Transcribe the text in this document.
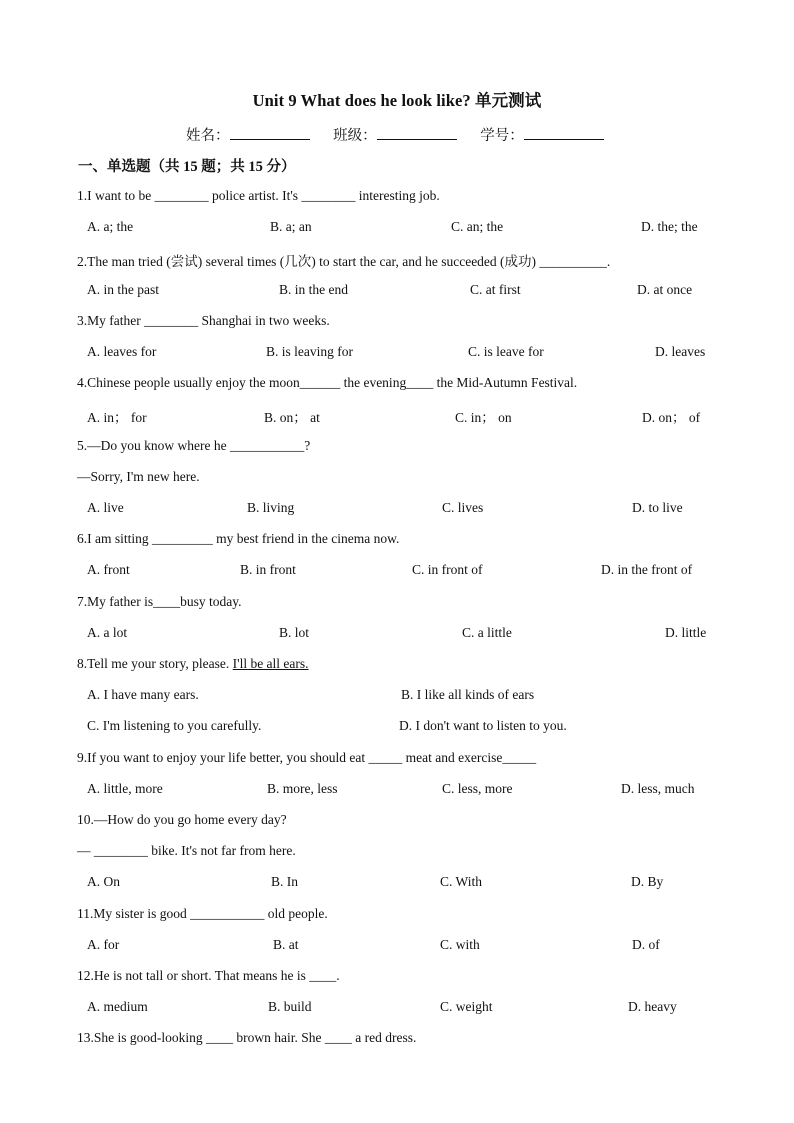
Unit 9 What does he look like? 单元测试
姓名：	班级：	学号：
一、单选题（共 15 题；共 15 分）
1.I want to be ________ police artist. It's ________ interesting job.
A. a; the	B. a; an	C. an; the	D. the; the
2.The man tried (尝试) several times (几次) to start the car, and he succeeded (成功) __________.
A. in the past	B. in the end	C. at first	D. at once
3.My father ________ Shanghai in two weeks.
A. leaves for	B. is leaving for	C. is leave for	D. leaves
4.Chinese people usually enjoy the moon______ the evening____ the Mid-Autumn Festival.
A. in； for	B. on； at	C. in； on	D. on； of
5.—Do you know where he ___________?
—Sorry, I'm new here.
A. live	B. living	C. lives	D. to live
6.I am sitting _________ my best friend in the cinema now.
A. front	B. in front	C. in front of	D. in the front of
7.My father is____busy today.
A. a lot	B. lot	C. a little	D. little
8.Tell me your story, please. I'll be all ears.
A. I have many ears.	B. I like all kinds of ears
C. I'm listening to you carefully.	D. I don't want to listen to you.
9.If you want to enjoy your life better, you should eat _____ meat and exercise_____
A. little, more	B. more, less	C. less, more	D. less, much
10.—How do you go home every day?
— ________ bike. It's not far from here.
A. On	B. In	C. With	D. By
11.My sister is good ___________ old people.
A. for	B. at	C. with	D. of
12.He is not tall or short. That means he is ____.
A. medium	B. build	C. weight	D. heavy
13.She is good-looking ____ brown hair. She ____ a red dress.
